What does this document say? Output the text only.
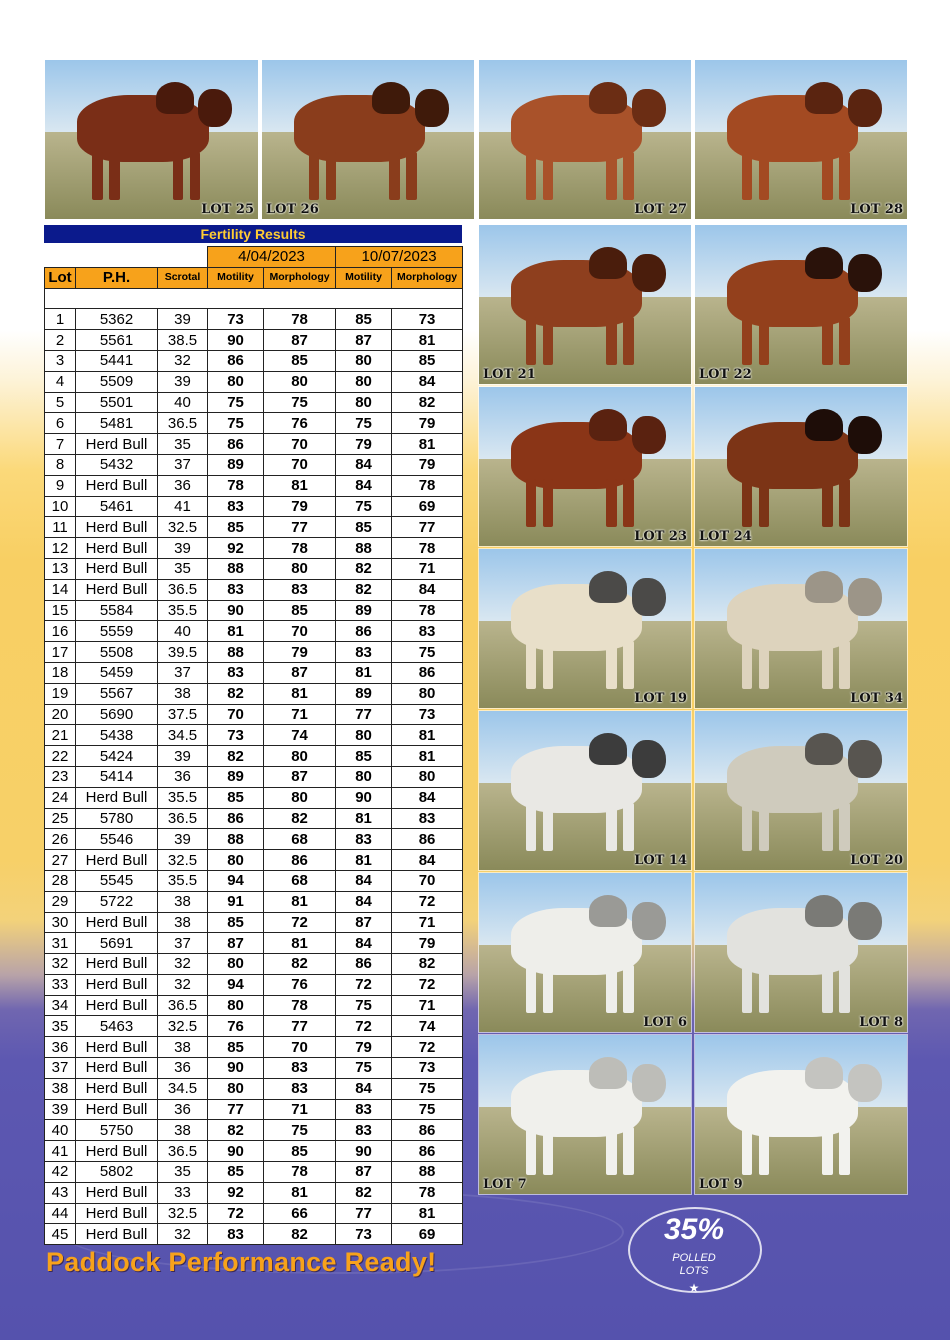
LOT 25 LOT 26	LOT 27	LOT 28
LOT 21	LOT 22
LOT 23 LOT 24
LOT 19	LOT 34
LOT 14	LOT 20
LOT 6	LOT 8
LOT 7	LOT 9
Fertility Results
			4/04/2023		10/07/2023	
Lot	P.H.	Scrotal	Motility	Morphology	Motility	Morphology

1	5362	39	73	78	85	73
2	5561	38.5	90	87	87	81
3	5441	32	86	85	80	85
4	5509	39	80	80	80	84
5	5501	40	75	75	80	82
6	5481	36.5	75	76	75	79
7	Herd Bull	35	86	70	79	81
8	5432	37	89	70	84	79
9	Herd Bull	36	78	81	84	78
10	5461	41	83	79	75	69
11	Herd Bull	32.5	85	77	85	77
12	Herd Bull	39	92	78	88	78
13	Herd Bull	35	88	80	82	71
14	Herd Bull	36.5	83	83	82	84
15	5584	35.5	90	85	89	78
16	5559	40	81	70	86	83
17	5508	39.5	88	79	83	75
18	5459	37	83	87	81	86
19	5567	38	82	81	89	80
20	5690	37.5	70	71	77	73
21	5438	34.5	73	74	80	81
22	5424	39	82	80	85	81
23	5414	36	89	87	80	80
24	Herd Bull	35.5	85	80	90	84
25	5780	36.5	86	82	81	83
26	5546	39	88	68	83	86
27	Herd Bull	32.5	80	86	81	84
28	5545	35.5	94	68	84	70
29	5722	38	91	81	84	72
30	Herd Bull	38	85	72	87	71
31	5691	37	87	81	84	79
32	Herd Bull	32	80	82	86	82
33	Herd Bull	32	94	76	72	72
34	Herd Bull	36.5	80	78	75	71
35	5463	32.5	76	77	72	74
36	Herd Bull	38	85	70	79	72
37	Herd Bull	36	90	83	75	73
38	Herd Bull	34.5	80	83	84	75
39	Herd Bull	36	77	71	83	75
40	5750	38	82	75	83	86
41	Herd Bull	36.5	90	85	90	86
42	5802	35	85	78	87	88
43	Herd Bull	33	92	81	82	78
44	Herd Bull	32.5	72	66	77	81
45	Herd Bull	32	83	82	73	69
Paddock Performance Ready!
35%
POLLED
LOTS
★
